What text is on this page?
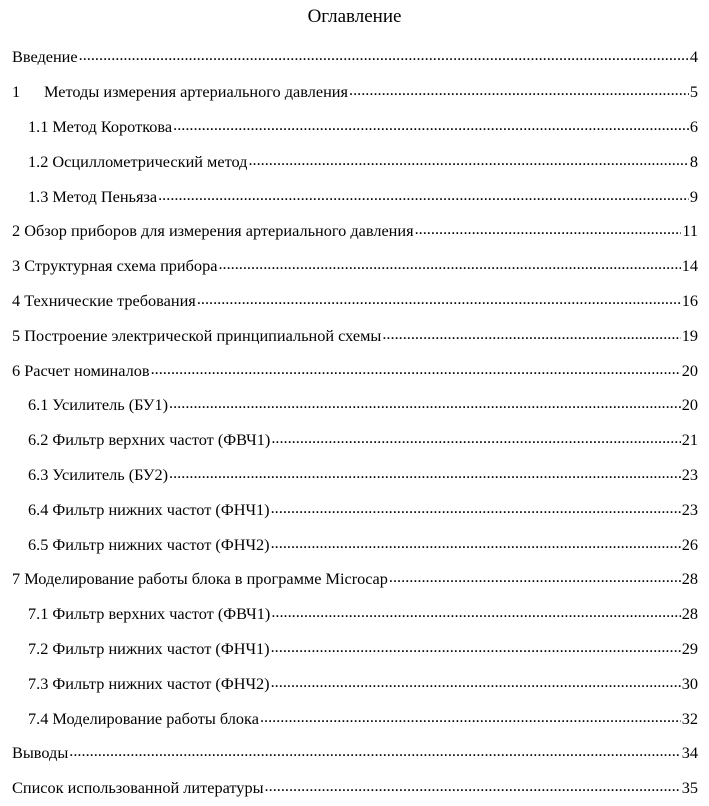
Оглавление
Введение .....	4
1 Методы измерения артериального давления .....	5
1.1 Метод Короткова .....	6
1.2 Осциллометрический метод .....	8
1.3 Метод Пеньяза .....	9
2 Обзор приборов для измерения артериального давления .....	11
3 Структурная схема прибора .....	14
4 Технические требования .....	16
5 Построение электрической принципиальной схемы .....	19
6 Расчет номиналов .....	20
6.1 Усилитель (БУ1) .....	20
6.2 Фильтр верхних частот (ФВЧ1) .....	21
6.3 Усилитель (БУ2) .....	23
6.4 Фильтр нижних частот (ФНЧ1) .....	23
6.5 Фильтр нижних частот (ФНЧ2) .....	26
7 Моделирование работы блока в программе Microcap .....	28
7.1 Фильтр верхних частот (ФВЧ1) .....	28
7.2 Фильтр нижних частот (ФНЧ1) .....	29
7.3 Фильтр нижних частот (ФНЧ2) .....	30
7.4 Моделирование работы блока .....	32
Выводы .....	34
Список использованной литературы .....	35
